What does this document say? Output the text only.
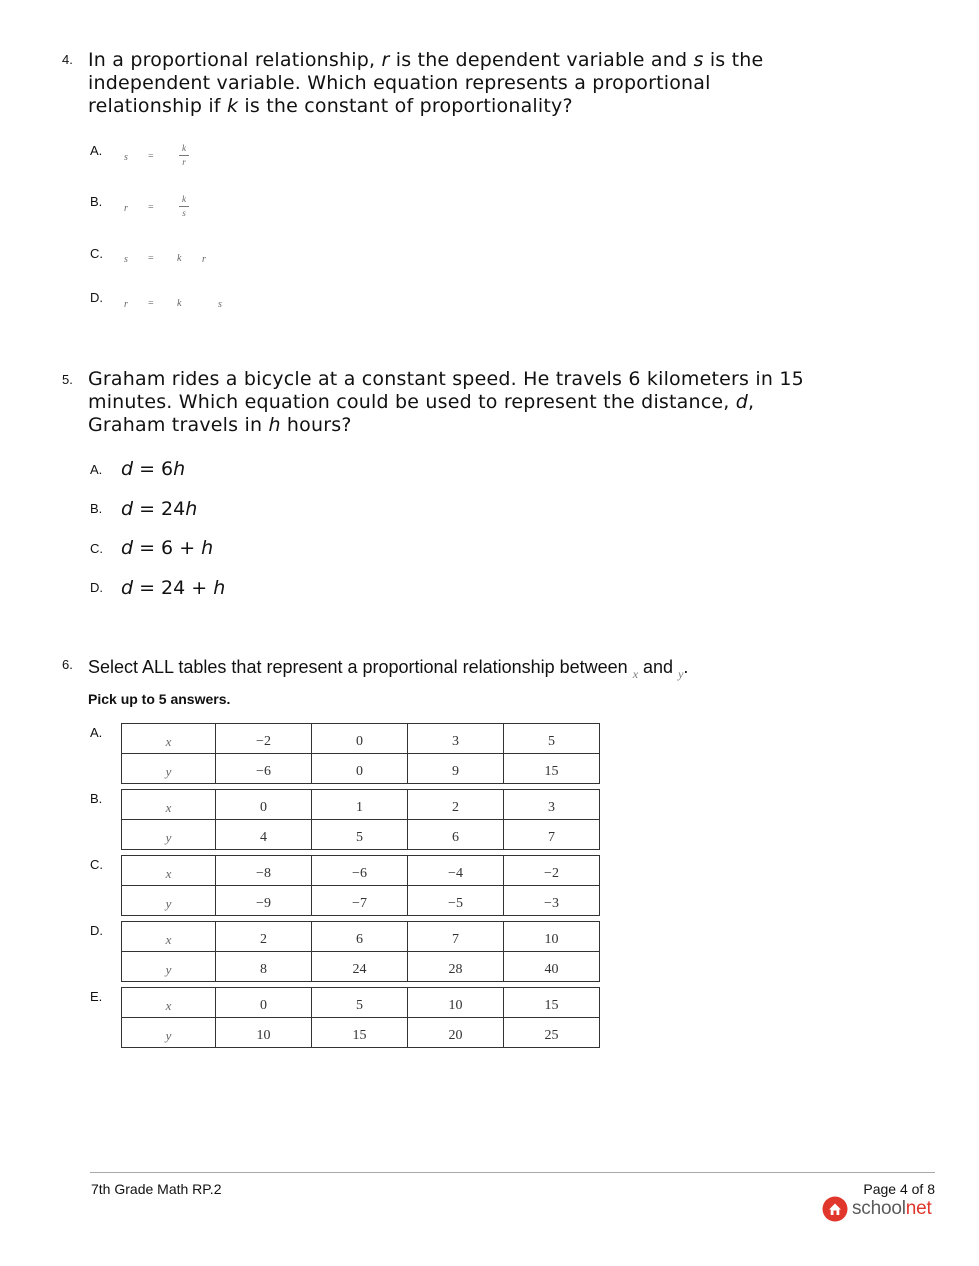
4. In a proportional relationship, r is the dependent variable and s is the
independent variable. Which equation represents a proportional
relationship if k is the constant of proportionality?
A. s =
k
r
B. r =
k
s
C. s = k r
D. r = k	s
5. Graham rides a bicycle at a constant speed. He travels 6 kilometers in 15
minutes. Which equation could be used to represent the distance, d,
Graham travels in h hours?
A. d = 6h
B. d = 24h
C. d = 6 + h
D. d = 24 + h
6. Select ALL tables that represent a proportional relationship between $_x$ and $_y$.
Pick up to 5 answers.
A.
x	−2	0	3	5
y	−6	0	9	15
B.
x	0	1	2	3
y	4	5	6	7
C.
x	−8	−6	−4	−2
y	−9	−7	−5	−3
D.
x	2	6	7	10
y	8	24	28	40
E.
x	0	5	10	15
y	10	15	20	25
7th Grade Math RP.2	Page 4 of 8
schoolnet
